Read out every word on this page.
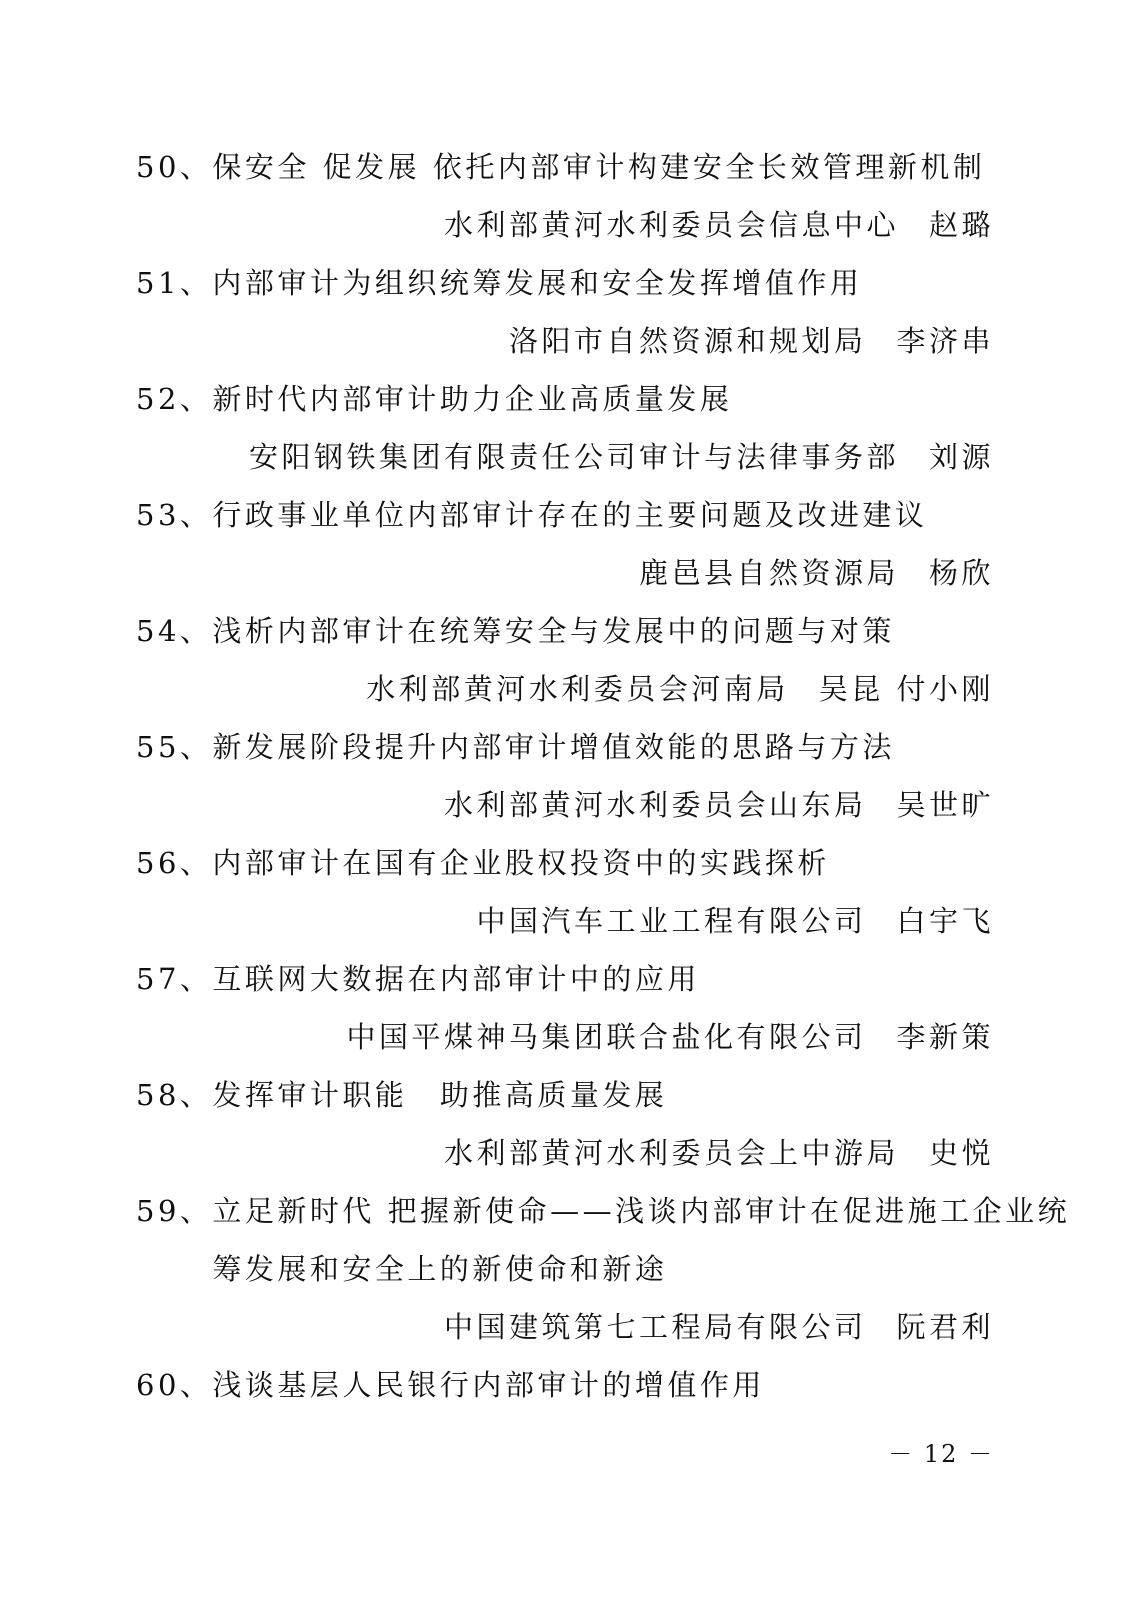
50、 保安全 促发展 依托内部审计构建安全长效管理新机制
水利部黄河水利委员会信息中心 赵璐
51、 内部审计为组织统筹发展和安全发挥增值作用
洛阳市自然资源和规划局 李济串
52、 新时代内部审计助力企业高质量发展
安阳钢铁集团有限责任公司审计与法律事务部 刘源
53、 行政事业单位内部审计存在的主要问题及改进建议
鹿邑县自然资源局 杨欣
54、 浅析内部审计在统筹安全与发展中的问题与对策
水利部黄河水利委员会河南局 吴昆 付小刚
55、 新发展阶段提升内部审计增值效能的思路与方法
水利部黄河水利委员会山东局 吴世旷
56、 内部审计在国有企业股权投资中的实践探析
中国汽车工业工程有限公司 白宇飞
57、 互联网大数据在内部审计中的应用
中国平煤神马集团联合盐化有限公司 李新策
58、 发挥审计职能　助推高质量发展
水利部黄河水利委员会上中游局 史悦
59、 立足新时代 把握新使命——浅谈内部审计在促进施工企业统
筹发展和安全上的新使命和新途
中国建筑第七工程局有限公司 阮君利
60、 浅谈基层人民银行内部审计的增值作用
－ 12 －
